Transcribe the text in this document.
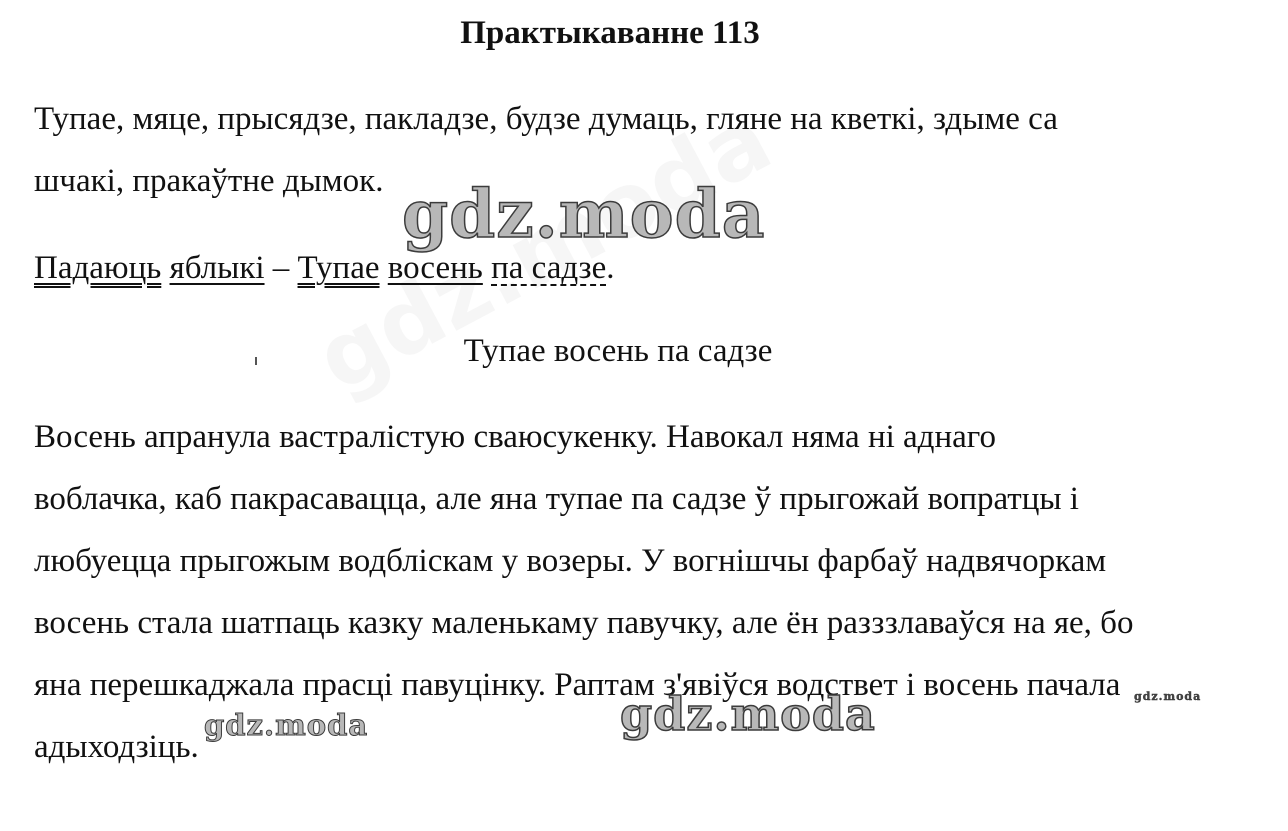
Практыкаванне 113
Тупае, мяце, прысядзе, пакладзе, будзе думаць, гляне на кветкі, здыме са
шчакі, пракаўтне дымок.
Падаюць яблыкі – Тупае восень па садзе.
Тупае восень па садзе
Восень апранула вастралістую сваюсукенку. Навокал няма ні аднаго
воблачка, каб пакрасавацца, але яна тупае па садзе ў прыгожай вопратцы і
любуецца прыгожым водбліскам у возеры. У вогнішчы фарбаў надвячоркам
восень стала шатпаць казку маленькаму павучку, але ён разззлаваўся на яе, бо
яна перешкаджала прасці павуцінку. Раптам з'явіўся водствет і восень пачала
адыходзіць.
gdz.moda
gdz.moda
gdz.moda
gdz.moda
